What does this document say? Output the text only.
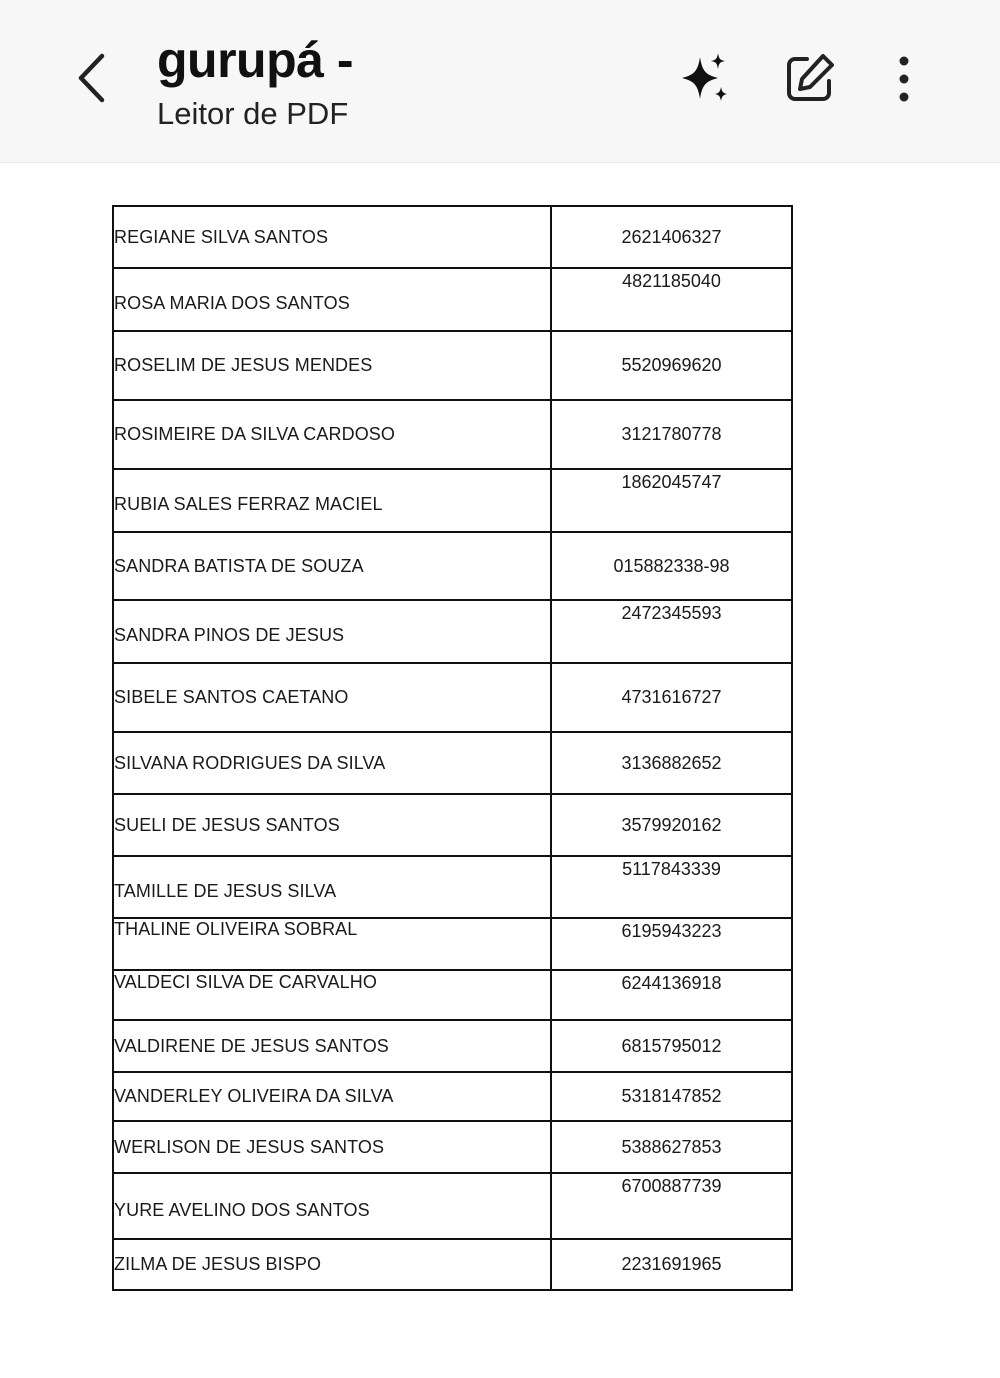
gurupá -
Leitor de PDF
REGIANE SILVA SANTOS	2621406327
ROSA MARIA DOS SANTOS	4821185040
ROSELIM DE JESUS MENDES	5520969620
ROSIMEIRE DA SILVA CARDOSO	3121780778
RUBIA SALES FERRAZ MACIEL	1862045747
SANDRA BATISTA DE SOUZA	015882338-98
SANDRA PINOS DE JESUS	2472345593
SIBELE SANTOS CAETANO	4731616727
SILVANA RODRIGUES DA SILVA	3136882652
SUELI DE JESUS SANTOS	3579920162
TAMILLE DE JESUS SILVA	5117843339
THALINE OLIVEIRA SOBRAL	6195943223
VALDECI SILVA DE CARVALHO	6244136918
VALDIRENE DE JESUS SANTOS	6815795012
VANDERLEY OLIVEIRA DA SILVA	5318147852
WERLISON DE JESUS SANTOS	5388627853
YURE AVELINO DOS SANTOS	6700887739
ZILMA DE JESUS BISPO	2231691965
